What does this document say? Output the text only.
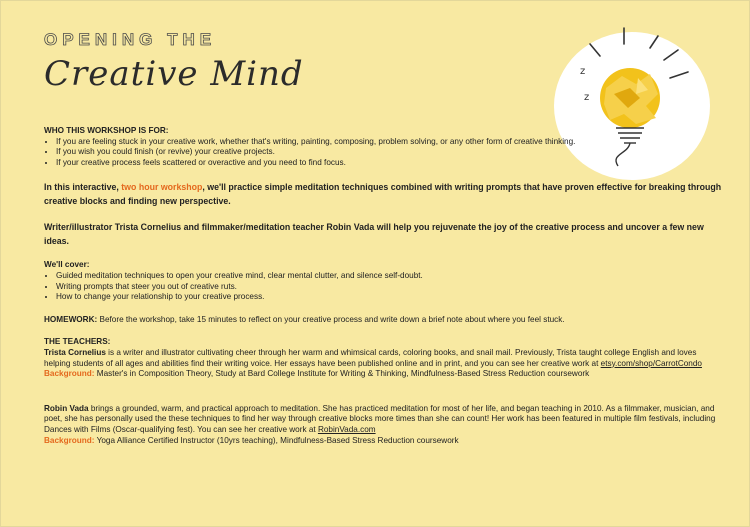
OPENING THE
Creative Mind	z
z

WHO THIS WORKSHOP IS FOR:

• If you are feeling stuck in your creative work, whether that's writing, painting, composing, problem solving, or any other form of creative thinking.
• If you wish you could finish (or revive) your creative projects.
• If your creative process feels scattered or overactive and you need to find focus.

In this interactive, two hour workshop, we'll practice simple meditation techniques combined with writing prompts that have proven effective for breaking through creative blocks and finding new perspective.

Writer/illustrator Trista Cornelius and filmmaker/meditation teacher Robin Vada will help you rejuvenate the joy of the creative process and uncover a few new ideas.

We'll cover:

• Guided meditation techniques to open your creative mind, clear mental clutter, and silence self-doubt.
• Writing prompts that steer you out of creative ruts.
• How to change your relationship to your creative process.

HOMEWORK: Before the workshop, take 15 minutes to reflect on your creative process and write down a brief note about where you feel stuck.

THE TEACHERS:

Trista Cornelius is a writer and illustrator cultivating cheer through her warm and whimsical cards, coloring books, and snail mail. Previously, Trista taught college English and loves helping students of all ages and abilities find their writing voice. Her essays have been published online and in print, and you can see her creative work at etsy.com/shop/CarrotCondo

Background: Master's in Composition Theory, Study at Bard College Institute for Writing & Thinking, Mindfulness-Based Stress Reduction coursework

Robin Vada brings a grounded, warm, and practical approach to meditation. She has practiced meditation for most of her life, and began teaching in 2010. As a filmmaker, musician, and poet, she has personally used the these techniques to find her way through creative blocks more times than she can count! Her work has been featured in multiple film festivals, including Dances with Films (Oscar-qualifying fest). You can see her creative work at RobinVada.com

Background: Yoga Alliance Certified Instructor (10yrs teaching), Mindfulness-Based Stress Reduction coursework
